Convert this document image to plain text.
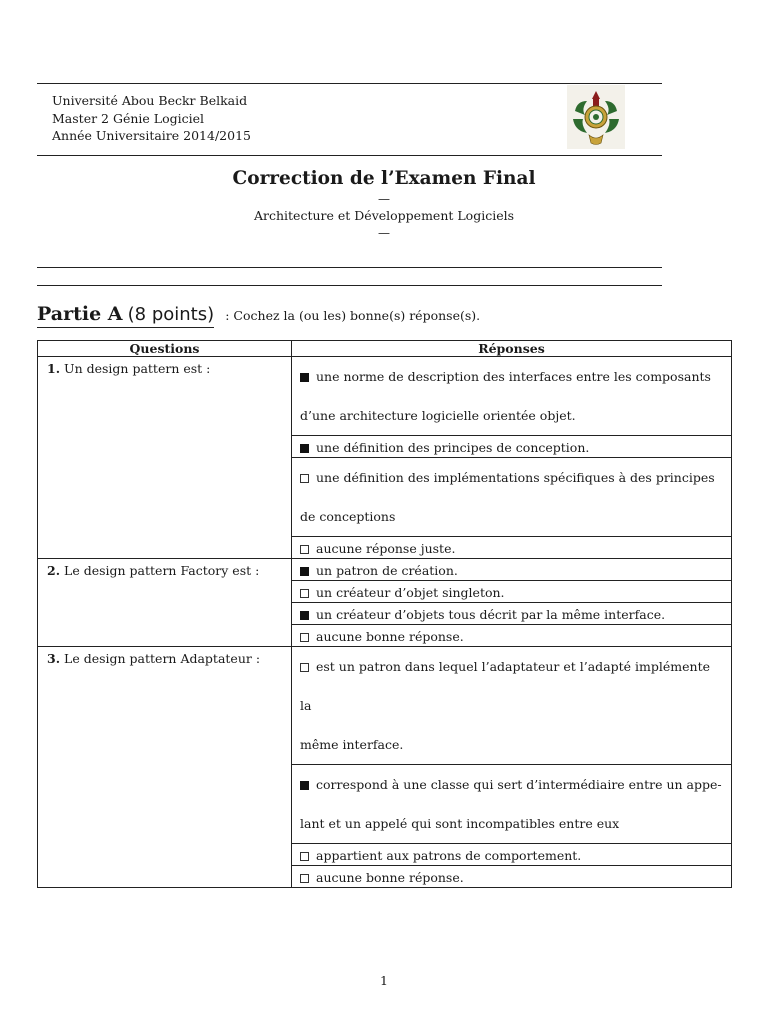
Université Abou Beckr Belkaid
Master 2 Génie Logiciel
Année Universitaire 2014/2015
Correction de l’Examen Final
—
Architecture et Développement Logiciels
—
Partie A (8 points) : Cochez la (ou les) bonne(s) réponse(s).
Questions	Réponses
1. Un design pattern est :	une norme de description des interfaces entre les composants
d’une architecture logicielle orientée objet.

	une définition des principes de conception.

	une définition des implémentations spécifiques à des principes
de conceptions

	aucune réponse juste.
2. Le design pattern Factory est :	un patron de création.
	un créateur d’objet singleton.
	un créateur d’objets tous décrit par la même interface.
	aucune bonne réponse.
3. Le design pattern Adaptateur :	est un patron dans lequel l’adaptateur et l’adapté implémente la
même interface.

	correspond à une classe qui sert d’intermédiaire entre un appe-
lant et un appelé qui sont incompatibles entre eux

	appartient aux patrons de comportement.
	aucune bonne réponse.
1
